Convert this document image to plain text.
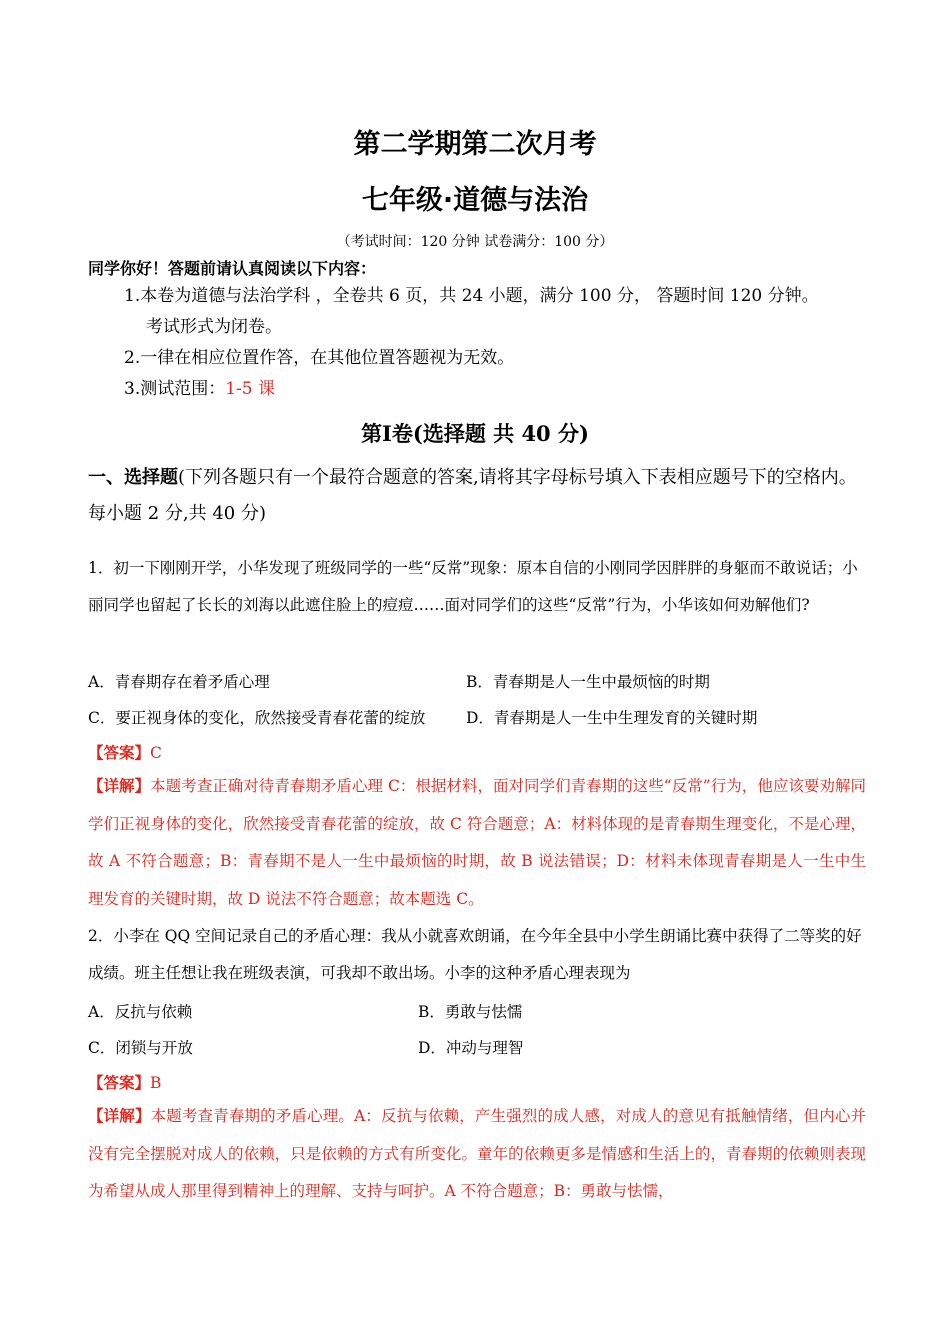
第二学期第二次月考
七年级·道德与法治
（考试时间：120 分钟 试卷满分：100 分）
同学你好！答题前请认真阅读以下内容：
1.本卷为道德与法治学科 ，全卷共 6 页，共 24 小题，满分 100 分， 答题时间 120 分钟。
考试形式为闭卷。
2.一律在相应位置作答，在其他位置答题视为无效。
3.测试范围：1-5 课
第Ⅰ卷(选择题 共 40 分)
一、选择题(下列各题只有一个最符合题意的答案,请将其字母标号填入下表相应题号下的空格内。每小题 2 分,共 40 分)
1．初一下刚刚开学，小华发现了班级同学的一些“反常”现象：原本自信的小刚同学因胖胖的身躯而不敢说话；小丽同学也留起了长长的刘海以此遮住脸上的痘痘……面对同学们的这些“反常”行为，小华该如何劝解他们?
A．青春期存在着矛盾心理	B．青春期是人一生中最烦恼的时期
C．要正视身体的变化，欣然接受青春花蕾的绽放	D．青春期是人一生中生理发育的关键时期
【答案】C
【详解】本题考查正确对待青春期矛盾心理 C：根据材料，面对同学们青春期的这些“反常”行为，他应该要劝解同学们正视身体的变化，欣然接受青春花蕾的绽放，故 C 符合题意；A：材料体现的是青春期生理变化，不是心理，故 A 不符合题意；B：青春期不是人一生中最烦恼的时期，故 B 说法错误；D：材料未体现青春期是人一生中生理发育的关键时期，故 D 说法不符合题意；故本题选 C。
2．小李在 QQ 空间记录自己的矛盾心理：我从小就喜欢朗诵，在今年全县中小学生朗诵比赛中获得了二等奖的好成绩。班主任想让我在班级表演，可我却不敢出场。小李的这种矛盾心理表现为
A．反抗与依赖	B．勇敢与怯懦
C．闭锁与开放	D．冲动与理智
【答案】B
【详解】本题考查青春期的矛盾心理。A：反抗与依赖，产生强烈的成人感，对成人的意见有抵触情绪，但内心并没有完全摆脱对成人的依赖，只是依赖的方式有所变化。童年的依赖更多是情感和生活上的，青春期的依赖则表现为希望从成人那里得到精神上的理解、支持与呵护。A 不符合题意；B：勇敢与怯懦，
